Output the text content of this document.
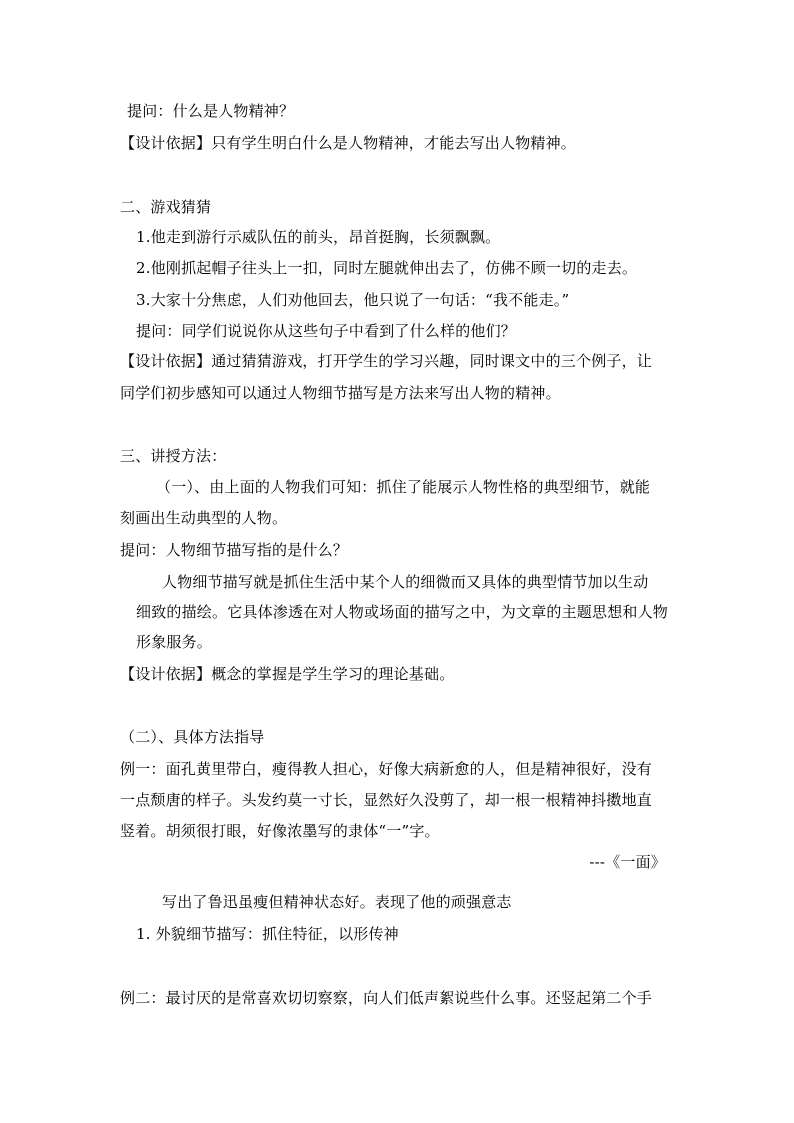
提问：什么是人物精神？
【设计依据】只有学生明白什么是人物精神，才能去写出人物精神。
二、游戏猜猜
1.他走到游行示威队伍的前头，昂首挺胸，长须飘飘。
2.他刚抓起帽子往头上一扣，同时左腿就伸出去了，仿佛不顾一切的走去。
3.大家十分焦虑，人们劝他回去，他只说了一句话：“我不能走。”
提问：同学们说说你从这些句子中看到了什么样的他们？
【设计依据】通过猜猜游戏，打开学生的学习兴趣，同时课文中的三个例子，让
同学们初步感知可以通过人物细节描写是方法来写出人物的精神。
三、讲授方法：
（一）、由上面的人物我们可知：抓住了能展示人物性格的典型细节，就能
刻画出生动典型的人物。
提问：人物细节描写指的是什么？
人物细节描写就是抓住生活中某个人的细微而又具体的典型情节加以生动
细致的描绘。它具体渗透在对人物或场面的描写之中，为文章的主题思想和人物
形象服务。
【设计依据】概念的掌握是学生学习的理论基础。
（二）、具体方法指导
例一：面孔黄里带白，瘦得教人担心，好像大病新愈的人，但是精神很好，没有
一点颓唐的样子。头发约莫一寸长，显然好久没剪了，却一根一根精神抖擞地直
竖着。胡须很打眼，好像浓墨写的隶体“一”字。
---《一面》
写出了鲁迅虽瘦但精神状态好。表现了他的顽强意志
1. 外貌细节描写：抓住特征，以形传神
例二：最讨厌的是常喜欢切切察察，向人们低声絮说些什么事。还竖起第二个手
